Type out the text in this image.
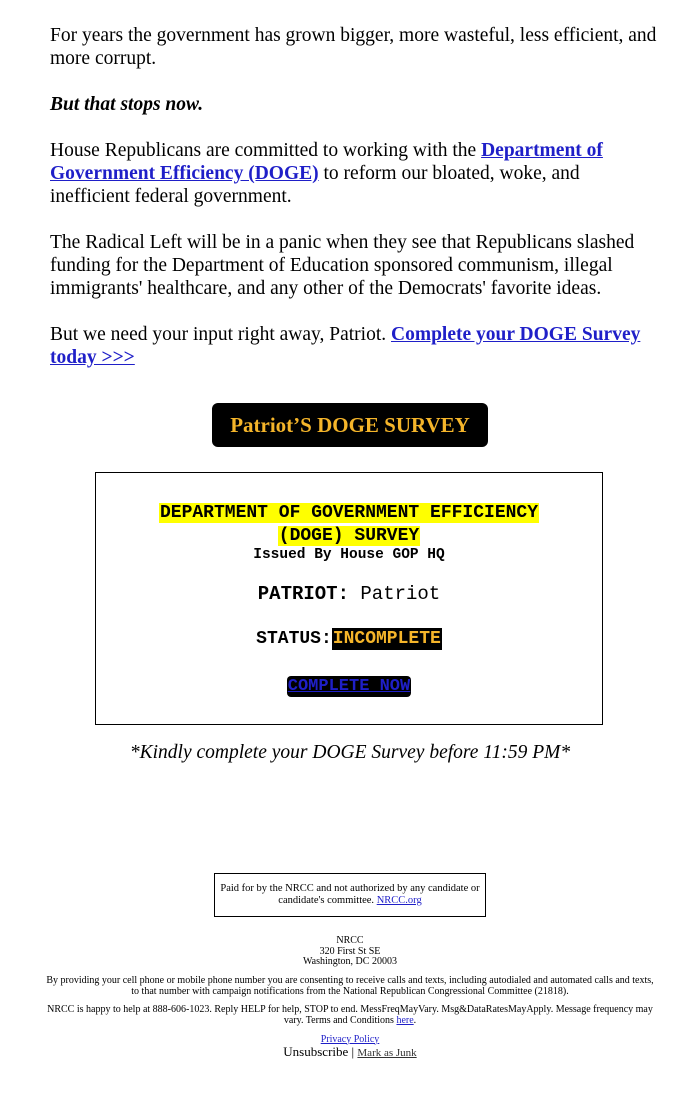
For years the government has grown bigger, more wasteful, less efficient, and more corrupt.

But that stops now.

House Republicans are committed to working with the Department of Government Efficiency (DOGE) to reform our bloated, woke, and inefficient federal government.

The Radical Left will be in a panic when they see that Republicans slashed funding for the Department of Education sponsored communism, illegal immigrants' healthcare, and any other of the Democrats' favorite ideas.

But we need your input right away, Patriot. Complete your DOGE Survey today >>>

Patriot’S DOGE SURVEY
DEPARTMENT OF GOVERNMENT EFFICIENCY
(DOGE) SURVEY
Issued By House GOP HQ
PATRIOT: Patriot
STATUS:INCOMPLETE
COMPLETE NOW
*Kindly complete your DOGE Survey before 11:59 PM*
Paid for by the NRCC and not authorized by any candidate or candidate's committee. NRCC.org
NRCC
320 First St SE
Washington, DC 20003
By providing your cell phone or mobile phone number you are consenting to receive calls and texts, including autodialed and automated calls and texts, to that number with campaign notifications from the National Republican Congressional Committee (21818).
NRCC is happy to help at 888-606-1023. Reply HELP for help, STOP to end. MessFreqMayVary. Msg&DataRatesMayApply. Message frequency may vary. Terms and Conditions here.
Privacy Policy
Unsubscribe | Mark as Junk
